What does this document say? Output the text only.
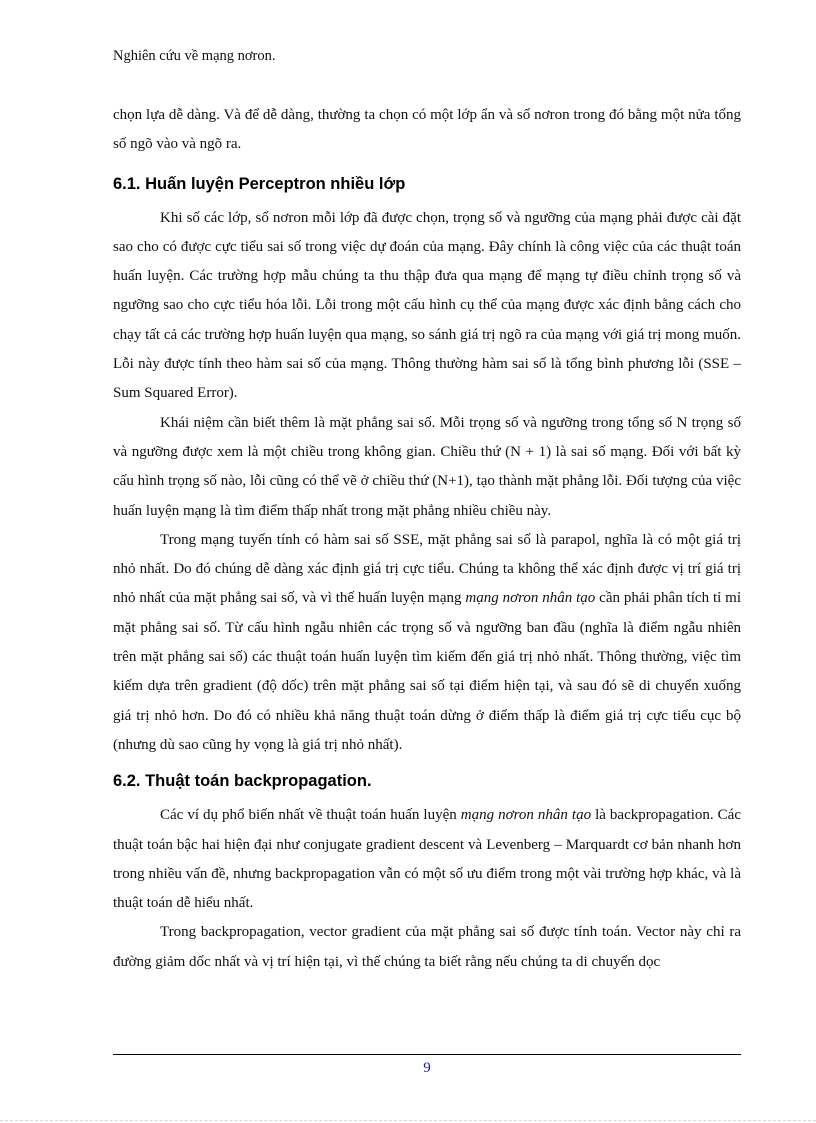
Nghiên cứu về mạng nơron.

chọn lựa dễ dàng. Và để dễ dàng, thường ta chọn có một lớp ẩn và số nơron trong đó bằng một nửa tổng số ngõ vào và ngõ ra.

6.1. Huấn luyện Perceptron nhiều lớp

Khi số các lớp, số nơron mỗi lớp đã được chọn, trọng số và ngưỡng của mạng phải được cài đặt sao cho có được cực tiểu sai số trong việc dự đoán của mạng. Đây chính là công việc của các thuật toán huấn luyện. Các trường hợp mẫu chúng ta thu thập đưa qua mạng để mạng tự điều chỉnh trọng số và ngưỡng sao cho cực tiểu hóa lỗi. Lỗi trong một cấu hình cụ thể của mạng được xác định bằng cách cho chạy tất cả các trường hợp huấn luyện qua mạng, so sánh giá trị ngõ ra của mạng với giá trị mong muốn. Lỗi này được tính theo hàm sai số của mạng. Thông thường hàm sai số là tổng bình phương lỗi (SSE – Sum Squared Error).

Khái niệm cần biết thêm là mặt phẳng sai số. Mỗi trọng số và ngưỡng trong tổng số N trọng số và ngưỡng được xem là một chiều trong không gian. Chiều thứ (N + 1) là sai số mạng. Đối với bất kỳ cấu hình trọng số nào, lỗi cũng có thể vẽ ở chiều thứ (N+1), tạo thành mặt phẳng lỗi. Đối tượng của việc huấn luyện mạng là tìm điểm thấp nhất trong mặt phẳng nhiều chiều này.

Trong mạng tuyến tính có hàm sai số SSE, mặt phẳng sai số là parapol, nghĩa là có một giá trị nhỏ nhất. Do đó chúng dễ dàng xác định giá trị cực tiểu. Chúng ta không thể xác định được vị trí giá trị nhỏ nhất của mặt phẳng sai số, và vì thế huấn luyện mạng mạng nơron nhân tạo cần phải phân tích tỉ mỉ mặt phẳng sai số. Từ cấu hình ngẫu nhiên các trọng số và ngưỡng ban đầu (nghĩa là điểm ngẫu nhiên trên mặt phẳng sai số) các thuật toán huấn luyện tìm kiếm đến giá trị nhỏ nhất. Thông thường, việc tìm kiếm dựa trên gradient (độ dốc) trên mặt phẳng sai số tại điểm hiện tại, và sau đó sẽ di chuyển xuống giá trị nhỏ hơn. Do đó có nhiều khả năng thuật toán dừng ở điểm thấp là điểm giá trị cực tiểu cục bộ (nhưng dù sao cũng hy vọng là giá trị nhỏ nhất).

6.2. Thuật toán backpropagation.

Các ví dụ phổ biến nhất về thuật toán huấn luyện mạng nơron nhân tạo là backpropagation. Các thuật toán bậc hai hiện đại như conjugate gradient descent và Levenberg – Marquardt cơ bản nhanh hơn trong nhiều vấn đề, nhưng backpropagation vẫn có một số ưu điểm trong một vài trường hợp khác, và là thuật toán dễ hiểu nhất.

Trong backpropagation, vector gradient của mặt phẳng sai số được tính toán. Vector này chỉ ra đường giảm dốc nhất và vị trí hiện tại, vì thế chúng ta biết rằng nếu chúng ta di chuyển dọc

9
